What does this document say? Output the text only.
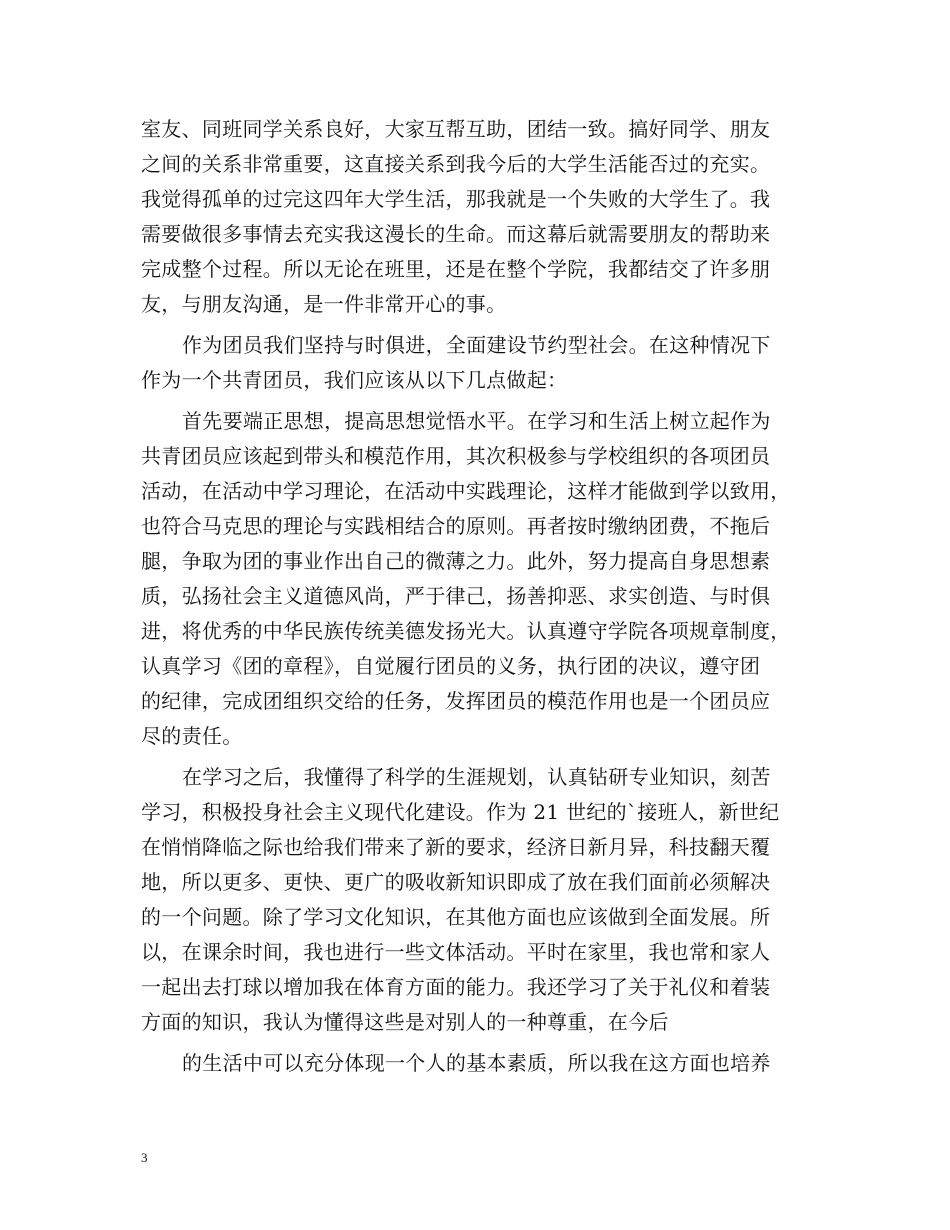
室友、同班同学关系良好，大家互帮互助，团结一致。搞好同学、朋友
之间的关系非常重要，这直接关系到我今后的大学生活能否过的充实。
我觉得孤单的过完这四年大学生活，那我就是一个失败的大学生了。我
需要做很多事情去充实我这漫长的生命。而这幕后就需要朋友的帮助来
完成整个过程。所以无论在班里，还是在整个学院，我都结交了许多朋
友，与朋友沟通，是一件非常开心的事。
作为团员我们坚持与时俱进，全面建设节约型社会。在这种情况下
作为一个共青团员，我们应该从以下几点做起：
首先要端正思想，提高思想觉悟水平。在学习和生活上树立起作为
共青团员应该起到带头和模范作用，其次积极参与学校组织的各项团员
活动，在活动中学习理论，在活动中实践理论，这样才能做到学以致用，
也符合马克思的理论与实践相结合的原则。再者按时缴纳团费，不拖后
腿，争取为团的事业作出自己的微薄之力。此外，努力提高自身思想素
质，弘扬社会主义道德风尚，严于律己，扬善抑恶、求实创造、与时俱
进，将优秀的中华民族传统美德发扬光大。认真遵守学院各项规章制度，
认真学习《团的章程》，自觉履行团员的义务，执行团的决议，遵守团
的纪律，完成团组织交给的任务，发挥团员的模范作用也是一个团员应
尽的责任。
在学习之后，我懂得了科学的生涯规划，认真钻研专业知识，刻苦
学习，积极投身社会主义现代化建设。作为 21 世纪的`接班人，新世纪
在悄悄降临之际也给我们带来了新的要求，经济日新月异，科技翻天覆
地，所以更多、更快、更广的吸收新知识即成了放在我们面前必须解决
的一个问题。除了学习文化知识，在其他方面也应该做到全面发展。所
以，在课余时间，我也进行一些文体活动。平时在家里，我也常和家人
一起出去打球以增加我在体育方面的能力。我还学习了关于礼仪和着装
方面的知识，我认为懂得这些是对别人的一种尊重，在今后
的生活中可以充分体现一个人的基本素质，所以我在这方面也培养
3
